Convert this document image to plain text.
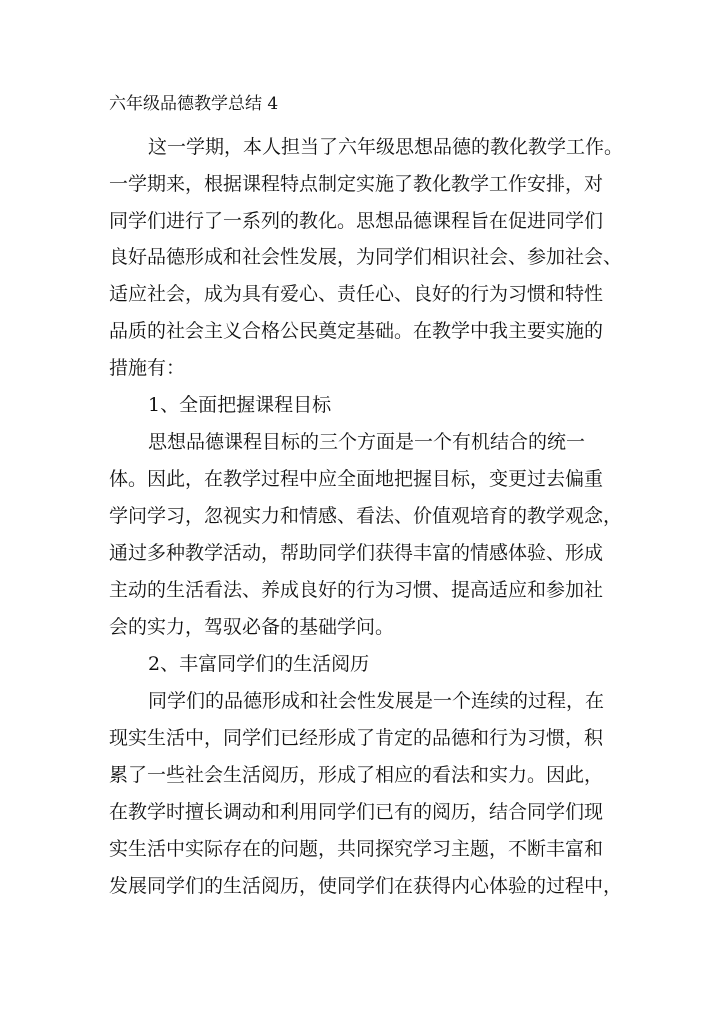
六年级品德教学总结 4
这一学期，本人担当了六年级思想品德的教化教学工作。
一学期来，根据课程特点制定实施了教化教学工作安排，对
同学们进行了一系列的教化。思想品德课程旨在促进同学们
良好品德形成和社会性发展，为同学们相识社会、参加社会、
适应社会，成为具有爱心、责任心、良好的行为习惯和特性
品质的社会主义合格公民奠定基础。在教学中我主要实施的
措施有：
1、全面把握课程目标
思想品德课程目标的三个方面是一个有机结合的统一
体。因此，在教学过程中应全面地把握目标，变更过去偏重
学问学习，忽视实力和情感、看法、价值观培育的教学观念，
通过多种教学活动，帮助同学们获得丰富的情感体验、形成
主动的生活看法、养成良好的行为习惯、提高适应和参加社
会的实力，驾驭必备的基础学问。
2、丰富同学们的生活阅历
同学们的品德形成和社会性发展是一个连续的过程，在
现实生活中，同学们已经形成了肯定的品德和行为习惯，积
累了一些社会生活阅历，形成了相应的看法和实力。因此，
在教学时擅长调动和利用同学们已有的阅历，结合同学们现
实生活中实际存在的问题，共同探究学习主题，不断丰富和
发展同学们的生活阅历，使同学们在获得内心体验的过程中，
